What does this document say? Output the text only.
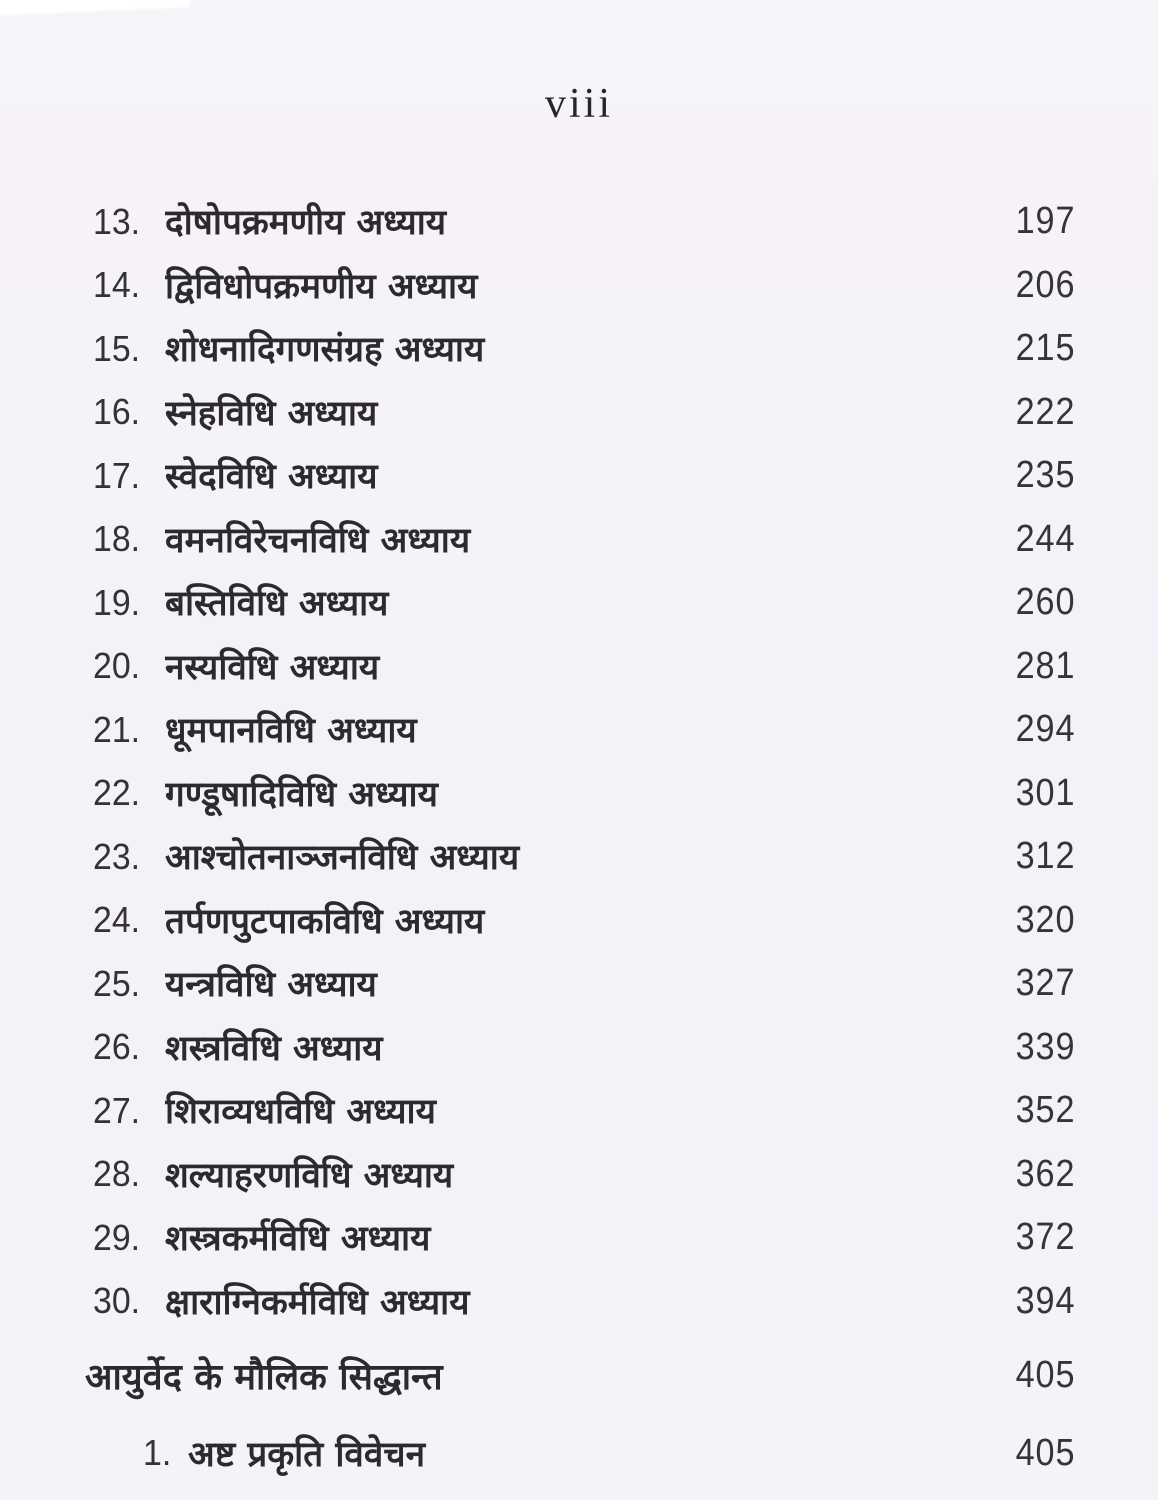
viii
13. दोषोपक्रमणीय अध्याय	197
14. द्विविधोपक्रमणीय अध्याय	206
15. शोधनादिगणसंग्रह अध्याय	215
16. स्नेहविधि अध्याय	222
17. स्वेदविधि अध्याय	235
18. वमनविरेचनविधि अध्याय	244
19. बस्तिविधि अध्याय	260
20. नस्यविधि अध्याय	281
21. धूमपानविधि अध्याय	294
22. गण्डूषादिविधि अध्याय	301
23. आश्चोतनाञ्जनविधि अध्याय	312
24. तर्पणपुटपाकविधि अध्याय	320
25. यन्त्रविधि अध्याय	327
26. शस्त्रविधि अध्याय	339
27. शिराव्यधविधि अध्याय	352
28. शल्याहरणविधि अध्याय	362
29. शस्त्रकर्मविधि अध्याय	372
30. क्षाराग्निकर्मविधि अध्याय	394
आयुर्वेद के मौलिक सिद्धान्त	405
1. अष्ट प्रकृति विवेचन	405
